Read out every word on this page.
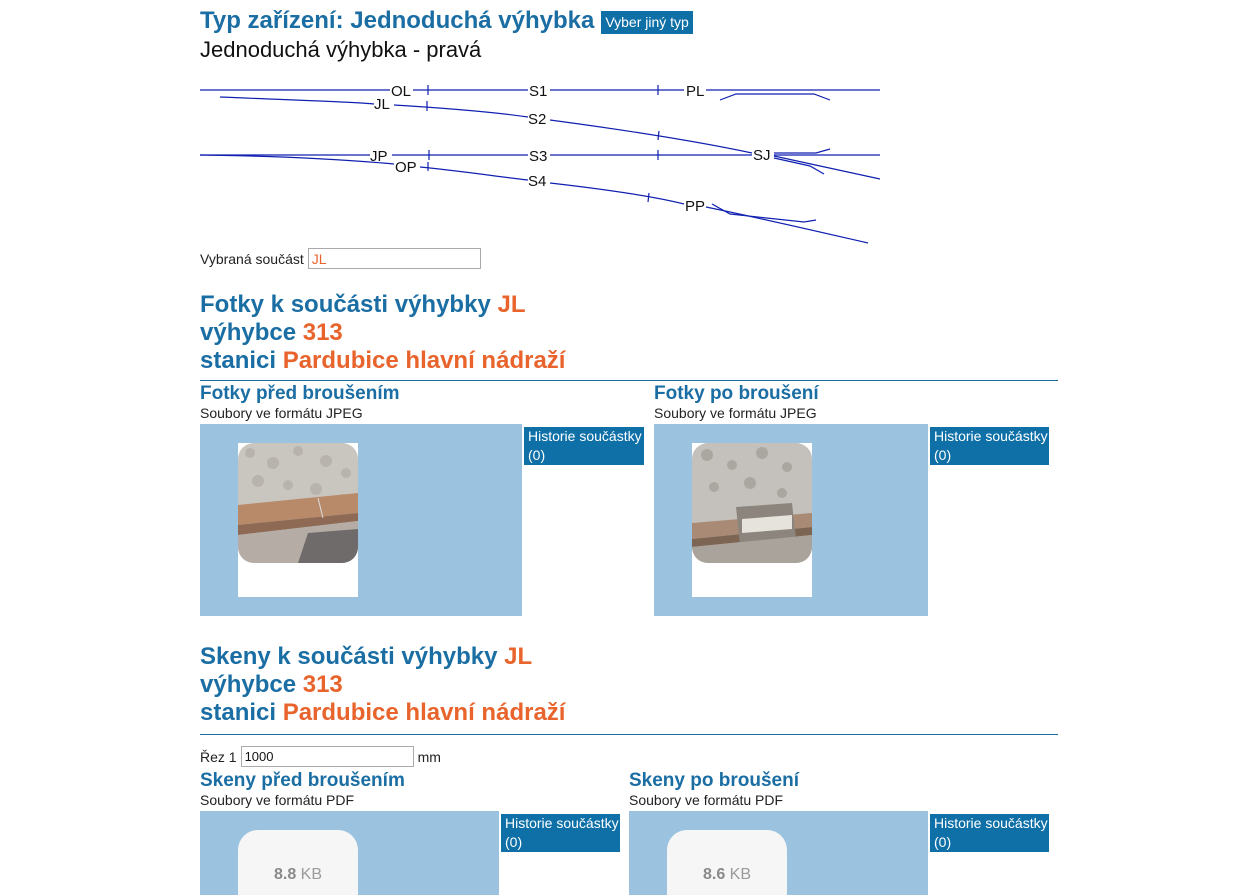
Typ zařízení:
Jednoduchá výhybka Vyber jiný typ
Jednoduchá výhybka - pravá
OL
JL
S1
S2
PL
JP
OP
S3
S4
SJ
PP
Vybraná součást
JL
Fotky k součásti výhybky JL
výhybce 313
stanici Pardubice hlavní nádraží
Fotky před broušením
Soubory ve formátu JPEG
Historie součástky
(0)
Fotky po broušení
Soubory ve formátu JPEG
Historie součástky
(0)
Skeny k součásti výhybky JL
výhybce 313
stanici Pardubice hlavní nádraží
Řez 1
1000	mm
Skeny před broušením
Soubory ve formátu PDF
8.8
KB
Historie součástky
(0)
Skeny po broušení
Soubory ve formátu PDF
8.6
KB
Historie součástky
(0)
